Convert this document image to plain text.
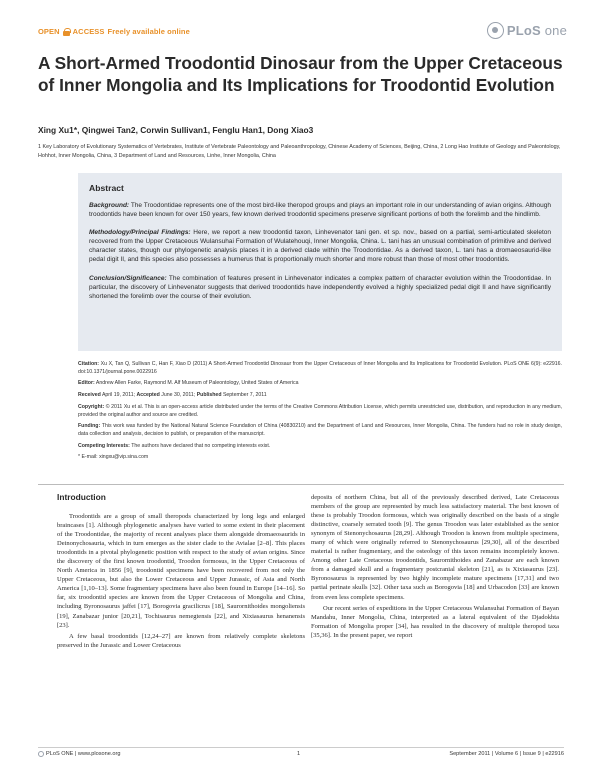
OPEN ACCESS Freely available online	PLoS one
A Short-Armed Troodontid Dinosaur from the Upper Cretaceous of Inner Mongolia and Its Implications for Troodontid Evolution
Xing Xu1*, Qingwei Tan2, Corwin Sullivan1, Fenglu Han1, Dong Xiao3
1 Key Laboratory of Evolutionary Systematics of Vertebrates, Institute of Vertebrate Paleontology and Paleoanthropology, Chinese Academy of Sciences, Beijing, China, 2 Long Hao Institute of Geology and Paleontology, Hohhot, Inner Mongolia, China, 3 Department of Land and Resources, Linhe, Inner Mongolia, China
Abstract

Background: The Troodontidae represents one of the most bird-like theropod groups and plays an important role in our understanding of avian origins. Although troodontids have been known for over 150 years, few known derived troodontid specimens preserve significant portions of both the forelimb and the hindlimb.

Methodology/Principal Findings: Here, we report a new troodontid taxon, Linhevenator tani gen. et sp. nov., based on a partial, semi-articulated skeleton recovered from the Upper Cretaceous Wulansuhai Formation of Wulatehouqi, Inner Mongolia, China. L. tani has an unusual combination of primitive and derived character states, though our phylogenetic analysis places it in a derived clade within the Troodontidae. As a derived taxon, L. tani has a dromaeosaurid-like pedal digit II, and this species also possesses a humerus that is proportionally much shorter and more robust than those of most other troodontids.

Conclusion/Significance: The combination of features present in Linhevenator indicates a complex pattern of character evolution within the Troodontidae. In particular, the discovery of Linhevenator suggests that derived troodontids have independently evolved a highly specialized pedal digit II and have significantly shortened the forelimb over the course of their evolution.

Citation: Xu X, Tan Q, Sullivan C, Han F, Xiao D (2011) A Short-Armed Troodontid Dinosaur from the Upper Cretaceous of Inner Mongolia and Its Implications for Troodontid Evolution. PLoS ONE 6(9): e22916. doi:10.1371/journal.pone.0022916

Editor: Andrew Allen Farke, Raymond M. Alf Museum of Paleontology, United States of America

Received April 19, 2011; Accepted June 30, 2011; Published September 7, 2011

Copyright: © 2011 Xu et al. This is an open-access article distributed under the terms of the Creative Commons Attribution License, which permits unrestricted use, distribution, and reproduction in any medium, provided the original author and source are credited.

Funding: This work was funded by the National Natural Science Foundation of China (40830210) and the Department of Land and Resources, Inner Mongolia, China. The funders had no role in study design, data collection and analysis, decision to publish, or preparation of the manuscript.

Competing Interests: The authors have declared that no competing interests exist.

* E-mail: xingxu@vip.sina.com

Introduction

Troodontids are a group of small theropods characterized by long legs and enlarged braincases [1]. Although phylogenetic analyses have varied to some extent in their placement of the Troodontidae, the majority of recent analyses place them alongside dromaeosaurids in Deinonychosauria, which in turn emerges as the sister clade to the Avialae [2–8]. This places troodontids in a pivotal phylogenetic position with respect to the study of avian origins. Since the discovery of the first known troodontid, Troodon formosus, in the Upper Cretaceous of North America in 1856 [9], troodontid specimens have been recovered from not only the Upper Cretaceous, but also the Lower Cretaceous and Upper Jurassic, of Asia and North America [1,10–13]. Some fragmentary specimens have also been found in Europe [14–16]. So far, six troodontid species are known from the Upper Cretaceous of Mongolia and China, including Byronosaurus jaffei [17], Borogovia gracilicrus [18], Saurornithoides mongoliensis [19], Zanabazar junior [20,21], Tochisaurus nemegtensis [22], and Xixiasaurus henanensis [23].

A few basal troodontids [12,24–27] are known from relatively complete skeletons preserved in the Jurassic and Lower Cretaceous

deposits of northern China, but all of the previously described derived, Late Cretaceous members of the group are represented by much less satisfactory material. The best known of these is probably Troodon formosus, which was originally described on the basis of a single distinctive, coarsely serrated tooth [9]. The genus Troodon was later established as the senior synonym of Stenonychosaurus [28,29]. Although Troodon is known from multiple specimens, many of which were originally referred to Stenonychosaurus [29,30], all of the described material is rather fragmentary, and the osteology of this taxon remains incompletely known. Among other Late Cretaceous troodontids, Saurornithoides and Zanabazar are each known from a damaged skull and a fragmentary postcranial skeleton [21], as is Xixiasaurus [23]. Byronosaurus is represented by two highly incomplete mature specimens [17,31] and two partial perinate skulls [32]. Other taxa such as Borogovia [18] and Urbacodon [33] are known from even less complete specimens.

Our recent series of expeditions in the Upper Cretaceous Wulansuhai Formation of Bayan Mandahu, Inner Mongolia, China, interpreted as a lateral equivalent of the Djadokhta Formation of Mongolia proper [34], has resulted in the discovery of multiple theropod taxa [35,36]. In the present paper, we report

PLoS ONE | www.plosone.org	1	September 2011 | Volume 6 | Issue 9 | e22916
